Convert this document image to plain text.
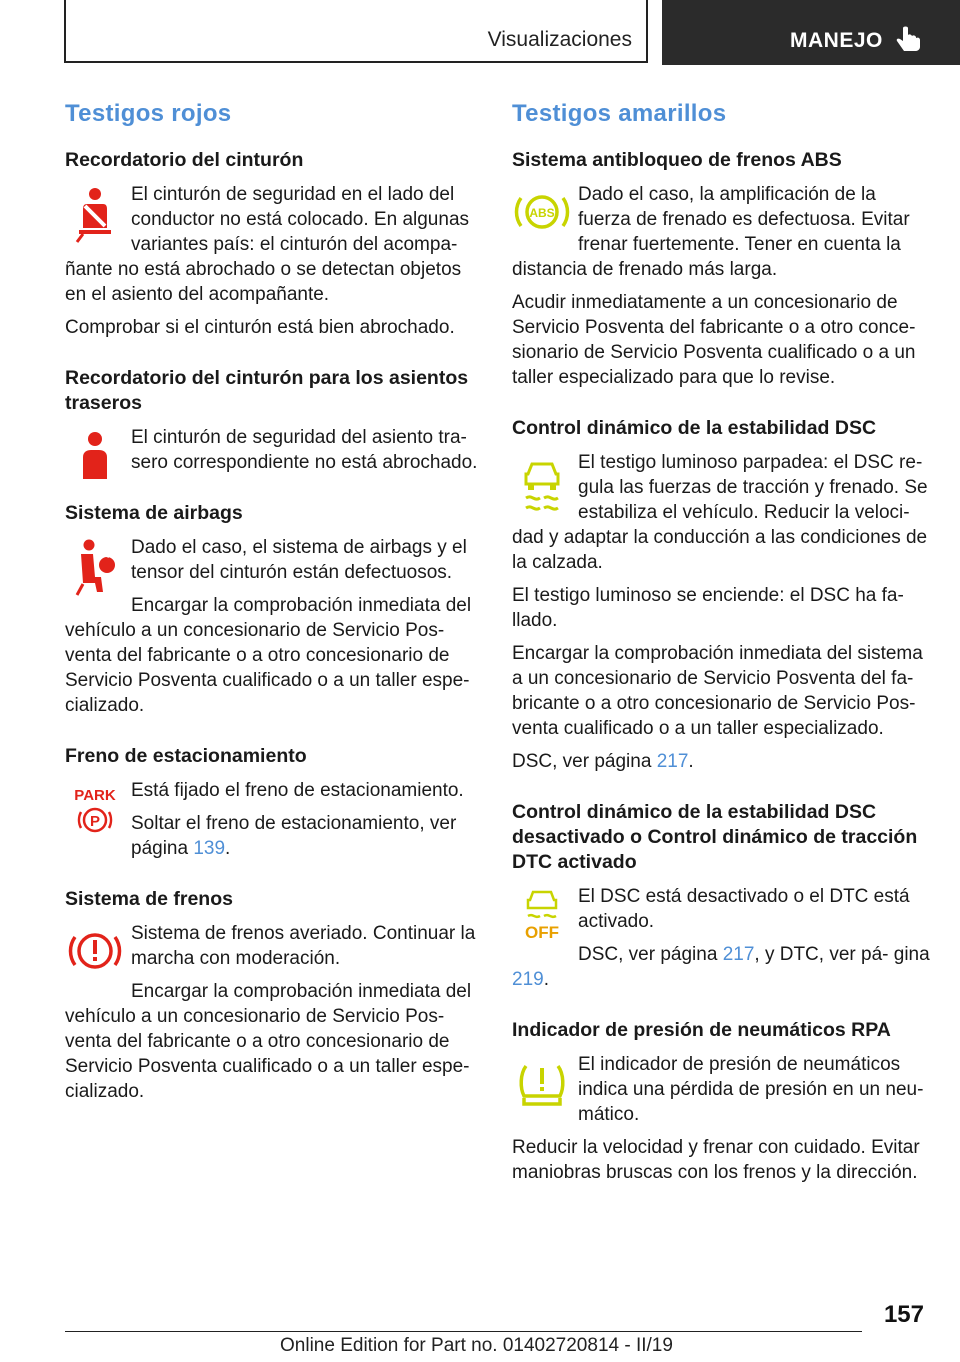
Visualizaciones	MANEJO
Testigos rojos
Recordatorio del cinturón

El cinturón de seguridad en el lado del conductor no está colocado. En algunas variantes país: el cinturón del acompa‐ ñante no está abrochado o se detectan objetos en el asiento del acompañante.

Comprobar si el cinturón está bien abrochado.

Recordatorio del cinturón para los asientos traseros

El cinturón de seguridad del asiento tra‐ sero correspondiente no está abrochado.

Sistema de airbags

Dado el caso, el sistema de airbags y el tensor del cinturón están defectuosos.

Encargar la comprobación inmediata del vehículo a un concesionario de Servicio Pos‐ venta del fabricante o a otro concesionario de Servicio Posventa cualificado o a un taller espe‐ cializado.

Freno de estacionamiento
PARK
P

Está fijado el freno de estacionamiento.

Soltar el freno de estacionamiento, ver página 139.

Sistema de frenos

Sistema de frenos averiado. Continuar la marcha con moderación.

Encargar la comprobación inmediata del vehículo a un concesionario de Servicio Pos‐ venta del fabricante o a otro concesionario de Servicio Posventa cualificado o a un taller espe‐ cializado.

Testigos amarillos
Sistema antibloqueo de frenos ABS
ABS

Dado el caso, la amplificación de la fuerza de frenado es defectuosa. Evitar frenar fuertemente. Tener en cuenta la distancia de frenado más larga.

Acudir inmediatamente a un concesionario de Servicio Posventa del fabricante o a otro conce‐ sionario de Servicio Posventa cualificado o a un taller especializado para que lo revise.

Control dinámico de la estabilidad DSC

El testigo luminoso parpadea: el DSC re‐ gula las fuerzas de tracción y frenado. Se estabiliza el vehículo. Reducir la veloci‐ dad y adaptar la conducción a las condiciones de la calzada.

El testigo luminoso se enciende: el DSC ha fa‐ llado.

Encargar la comprobación inmediata del sistema a un concesionario de Servicio Posventa del fa‐ bricante o a otro concesionario de Servicio Pos‐ venta cualificado o a un taller especializado.

DSC, ver página 217.

Control dinámico de la estabilidad DSC desactivado o Control dinámico de tracción DTC activado
OFF

El DSC está desactivado o el DTC está activado.

DSC, ver página 217, y DTC, ver pá‐ gina 219.

Indicador de presión de neumáticos RPA

El indicador de presión de neumáticos indica una pérdida de presión en un neu‐ mático.

Reducir la velocidad y frenar con cuidado. Evitar maniobras bruscas con los frenos y la dirección.

157
Online Edition for Part no. 01402720814 - II/19
